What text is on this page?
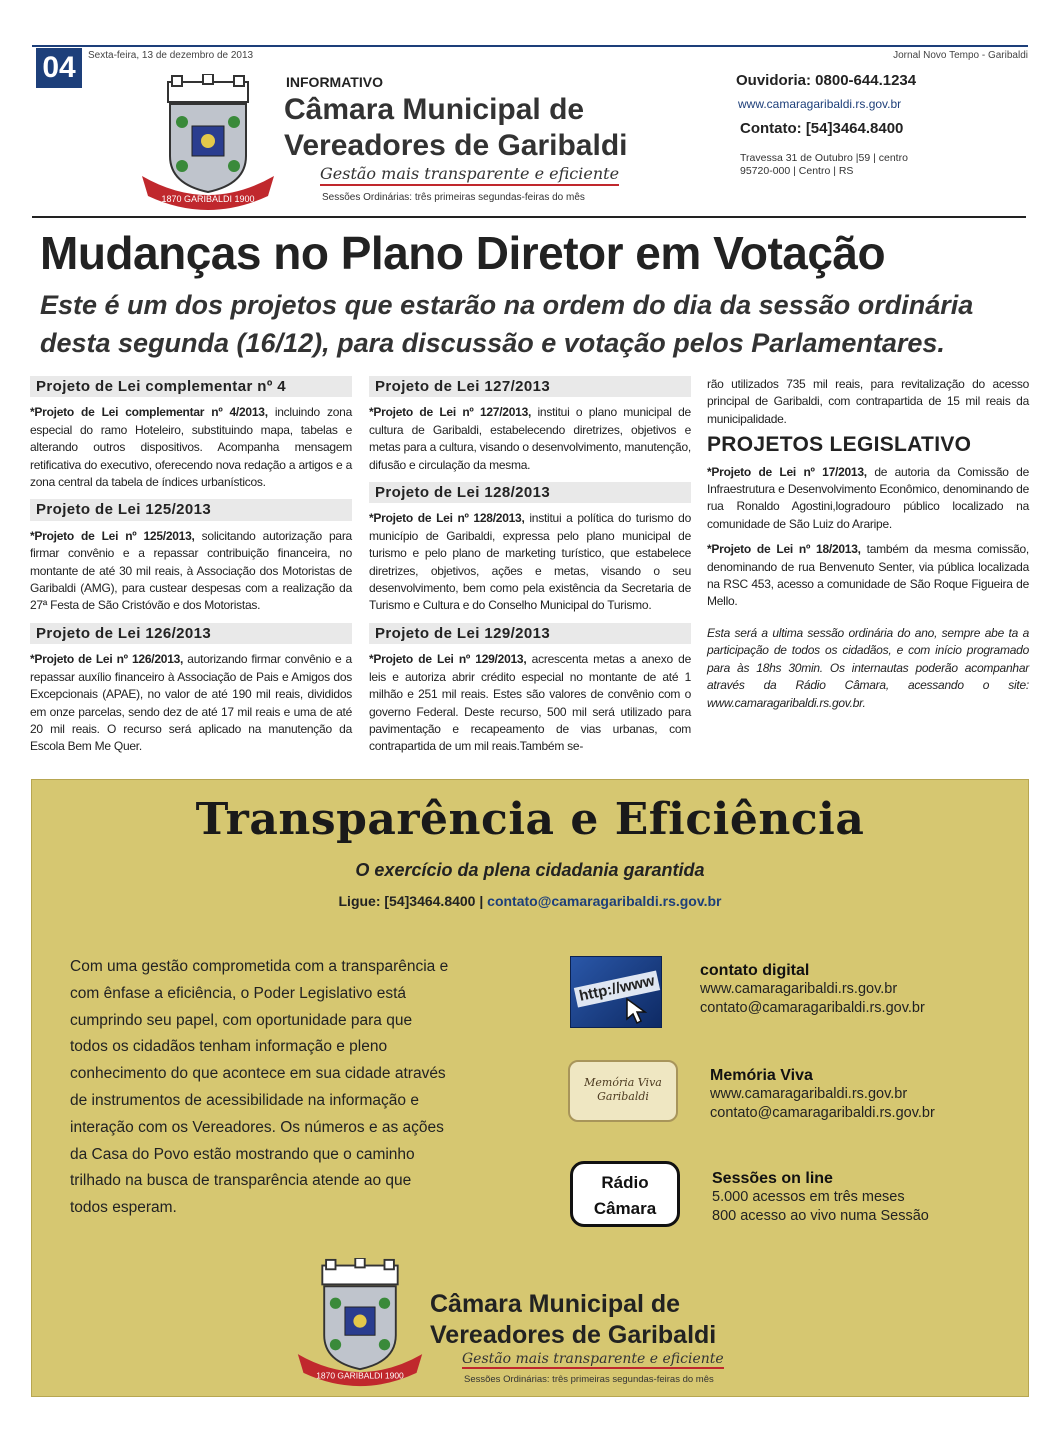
04	Sexta-feira, 13 de dezembro de 2013	Jornal Novo Tempo - Garibaldi
1870 GARIBALDI 1900
INFORMATIVO
Câmara Municipal de
Vereadores de Garibaldi
Gestão mais transparente e eficiente
Sessões Ordinárias: três primeiras segundas-feiras do mês
Ouvidoria: 0800-644.1234
www.camaragaribaldi.rs.gov.br
Contato: [54]3464.8400
Travessa 31 de Outubro |59 | centro
95720-000 | Centro | RS
Mudanças no Plano Diretor em Votação
Este é um dos projetos que estarão na ordem do dia da sessão ordinária desta segunda (16/12), para discussão e votação pelos Parlamentares.
Projeto de Lei complementar nº 4

*Projeto de Lei complementar nº 4/2013, incluindo zona especial do ramo Hoteleiro, substituindo mapa, tabelas e alterando outros dispositivos. Acompanha mensagem retificativa do executivo, oferecendo nova redação a artigos e a zona central da tabela de índices urbanísticos.

Projeto de Lei 125/2013

*Projeto de Lei nº 125/2013, solicitando autorização para firmar convênio e a repassar contribuição financeira, no montante de até 30 mil reais, à Associação dos Motoristas de Garibaldi (AMG), para custear despesas com a realização da 27ª Festa de São Cristóvão e dos Motoristas.

Projeto de Lei 126/2013

*Projeto de Lei nº 126/2013, autorizando firmar convênio e a repassar auxílio financeiro à Associação de Pais e Amigos dos Excepcionais (APAE), no valor de até 190 mil reais, divididos em onze parcelas, sendo dez de até 17 mil reais e uma de até 20 mil reais. O recurso será aplicado na manutenção da Escola Bem Me Quer.

Projeto de Lei 127/2013

*Projeto de Lei nº 127/2013, institui o plano municipal de cultura de Garibaldi, estabelecendo diretrizes, objetivos e metas para a cultura, visando o desenvolvimento, manutenção, difusão e circulação da mesma.

Projeto de Lei 128/2013

*Projeto de Lei nº 128/2013, institui a política do turismo do município de Garibaldi, expressa pelo plano municipal de turismo e pelo plano de marketing turístico, que estabelece diretrizes, objetivos, ações e metas, visando o seu desenvolvimento, bem como pela existência da Secretaria de Turismo e Cultura e do Conselho Municipal do Turismo.

Projeto de Lei 129/2013

*Projeto de Lei nº 129/2013, acrescenta metas a anexo de leis e autoriza abrir crédito especial no montante de até 1 milhão e 251 mil reais. Estes são valores de convênio com o governo Federal. Deste recurso, 500 mil será utilizado para pavimentação e recapeamento de vias urbanas, com contrapartida de um mil reais.Também se-

rão utilizados 735 mil reais, para revitalização do acesso principal de Garibaldi, com contrapartida de 15 mil reais da municipalidade.

PROJETOS LEGISLATIVO

*Projeto de Lei nº 17/2013, de autoria da Comissão de Infraestrutura e Desenvolvimento Econômico, denominando de rua Ronaldo Agostini,logradouro público localizado na comunidade de São Luiz do Araripe.

*Projeto de Lei nº 18/2013, também da mesma comissão, denominando de rua Benvenuto Senter, via pública localizada na RSC 453, acesso a comunidade de São Roque Figueira de Mello.

Esta será a ultima sessão ordinária do ano, sempre abe ta a participação de todos os cidadãos, e com início programado para às 18hs 30min. Os internautas poderão acompanhar através da Rádio Câmara, acessando o site: www.camaragaribaldi.rs.gov.br.

Transparência e Eficiência
O exercício da plena cidadania garantida
Ligue: [54]3464.8400 | contato@camaragaribaldi.rs.gov.br
Com uma gestão comprometida com a transparência e com ênfase a eficiência, o Poder Legislativo está cumprindo seu papel, com oportunidade para que todos os cidadãos tenham informação e pleno conhecimento do que acontece em sua cidade através de instrumentos de acessibilidade na informação e interação com os Vereadores. Os números e as ações da Casa do Povo estão mostrando que o caminho trilhado na busca de transparência atende ao que todos esperam.
http://www
contato digital
www.camaragaribaldi.rs.gov.br
contato@camaragaribaldi.rs.gov.br
Memória Viva
Garibaldi
Memória Viva
www.camaragaribaldi.rs.gov.br
contato@camaragaribaldi.rs.gov.br
Rádio
Câmara
Sessões on line
5.000 acessos em três meses
800 acesso ao vivo numa Sessão
1870 GARIBALDI 1900
Câmara Municipal de
Vereadores de Garibaldi
Gestão mais transparente e eficiente
Sessões Ordinárias: três primeiras segundas-feiras do mês
